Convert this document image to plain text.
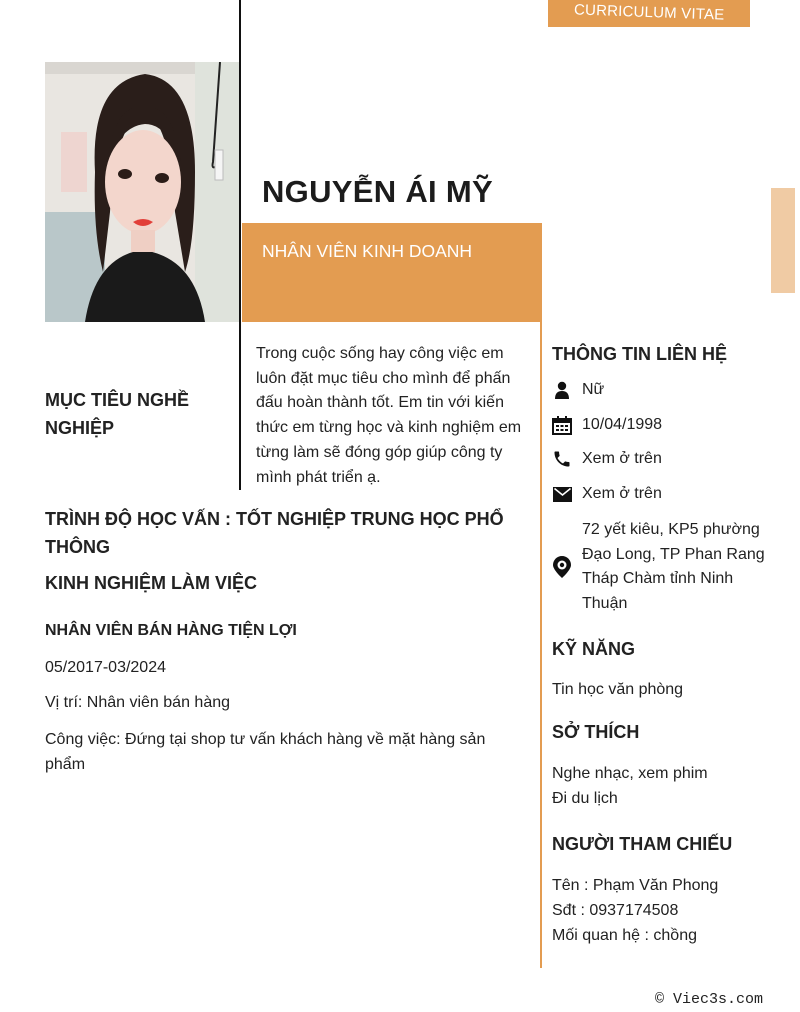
CURRICULUM VITAE
NGUYỄN ÁI MỸ
NHÂN VIÊN KINH DOANH
MỤC TIÊU NGHỀ NGHIỆP
Trong cuộc sống hay công việc em luôn đặt mục tiêu cho mình để phấn đấu hoàn thành tốt. Em tin với kiến thức em từng học và kinh nghiệm em từng làm sẽ đóng góp giúp công ty mình phát triển ạ.
TRÌNH ĐỘ HỌC VẤN : TỐT NGHIỆP TRUNG HỌC PHỔ THÔNG
KINH NGHIỆM LÀM VIỆC
NHÂN VIÊN BÁN HÀNG TIỆN LỢI
05/2017-03/2024
Vị trí: Nhân viên bán hàng
Công việc: Đứng tại shop tư vấn khách hàng về mặt hàng sản phẩm
THÔNG TIN LIÊN HỆ
Nữ
10/04/1998
Xem ở trên
Xem ở trên
72 yết kiêu, KP5 phường Đạo Long, TP Phan Rang Tháp Chàm tỉnh Ninh Thuận
KỸ NĂNG
Tin học văn phòng
SỞ THÍCH
Nghe nhạc, xem phim
Đi du lịch
NGƯỜI THAM CHIẾU
Tên : Phạm Văn Phong
Sđt : 0937174508
Mối quan hệ : chồng
© Viec3s.com
